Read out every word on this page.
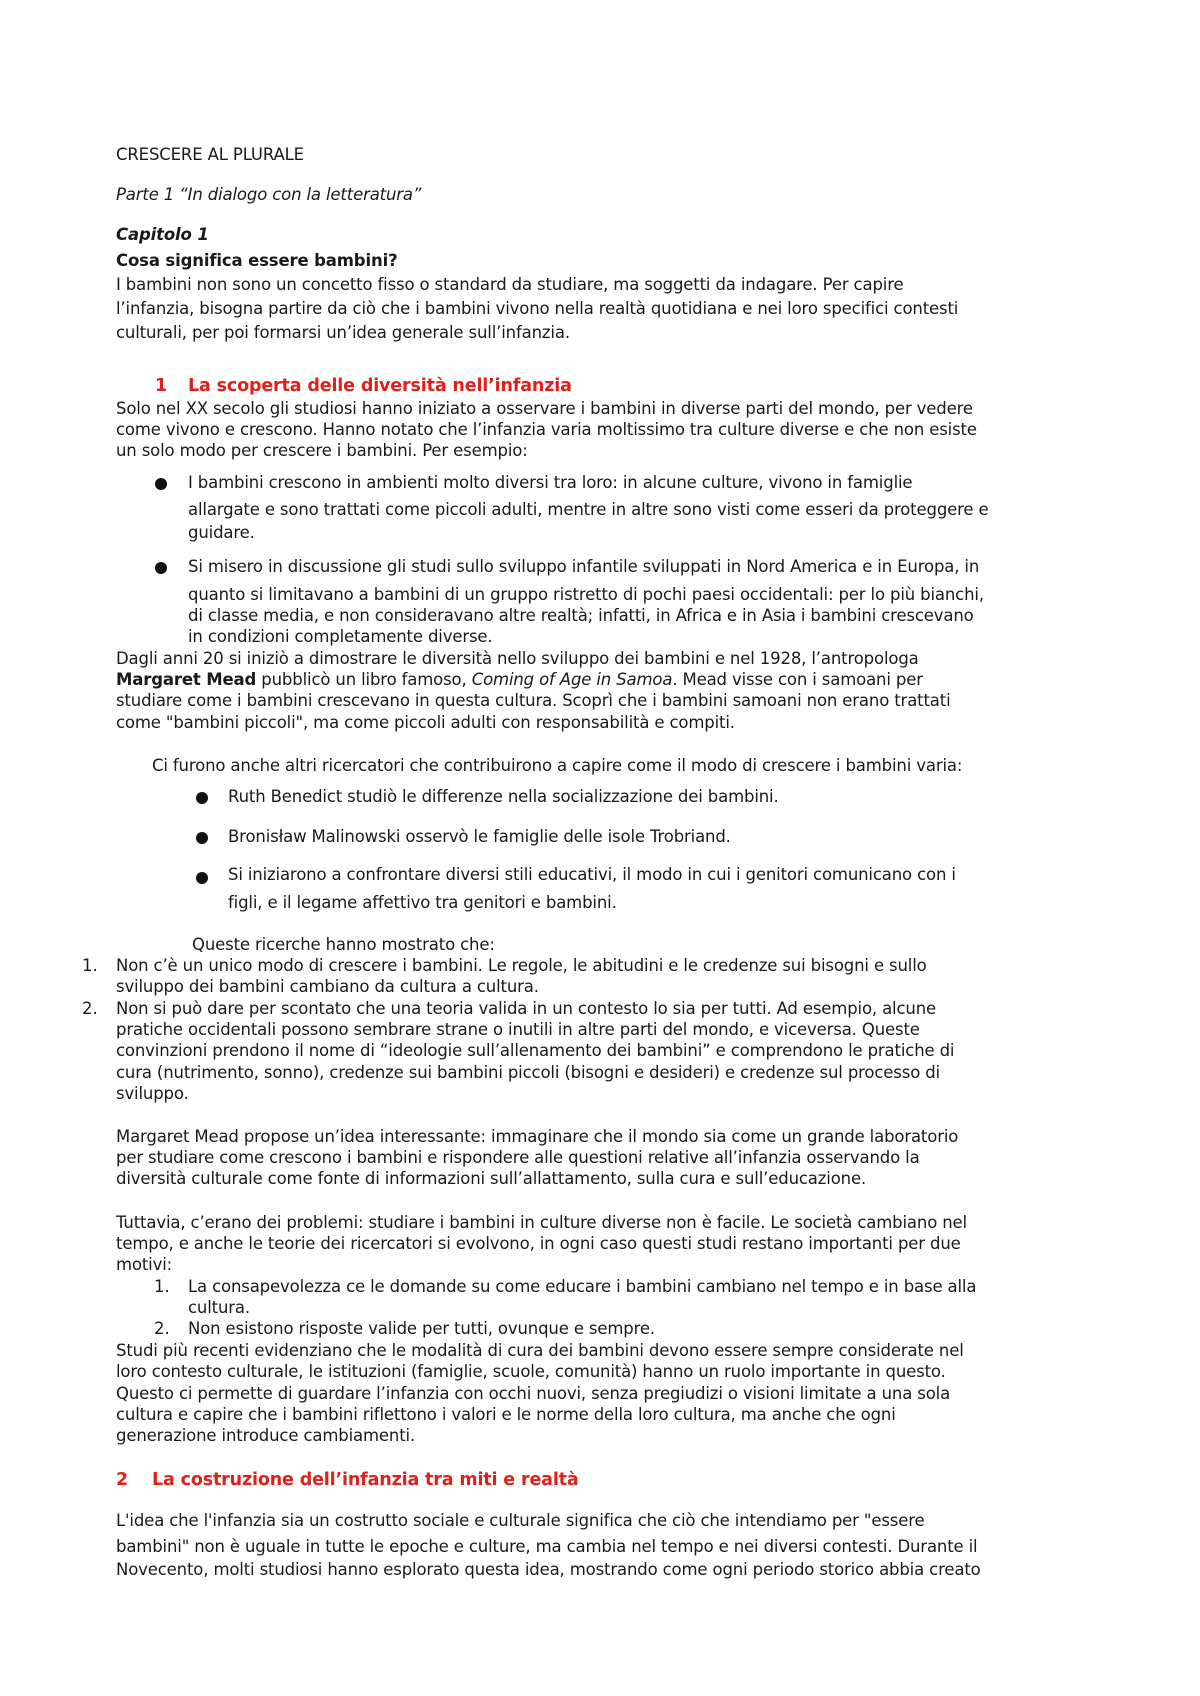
CRESCERE AL PLURALE
Parte 1 “In dialogo con la letteratura”
Capitolo 1
Cosa significa essere bambini?
I bambini non sono un concetto fisso o standard da studiare, ma soggetti da indagare. Per capire
l’infanzia, bisogna partire da ciò che i bambini vivono nella realtà quotidiana e nei loro specifici contesti
culturali, per poi formarsi un’idea generale sull’infanzia.
1 La scoperta delle diversità nell’infanzia
Solo nel XX secolo gli studiosi hanno iniziato a osservare i bambini in diverse parti del mondo, per vedere
come vivono e crescono. Hanno notato che l’infanzia varia moltissimo tra culture diverse e che non esiste
un solo modo per crescere i bambini. Per esempio:
I bambini crescono in ambienti molto diversi tra loro: in alcune culture, vivono in famiglie
allargate e sono trattati come piccoli adulti, mentre in altre sono visti come esseri da proteggere e
guidare.
Si misero in discussione gli studi sullo sviluppo infantile sviluppati in Nord America e in Europa, in
quanto si limitavano a bambini di un gruppo ristretto di pochi paesi occidentali: per lo più bianchi,
di classe media, e non consideravano altre realtà; infatti, in Africa e in Asia i bambini crescevano
in condizioni completamente diverse.
Dagli anni 20 si iniziò a dimostrare le diversità nello sviluppo dei bambini e nel 1928, l’antropologa
Margaret Mead pubblicò un libro famoso, Coming of Age in Samoa. Mead visse con i samoani per
studiare come i bambini crescevano in questa cultura. Scoprì che i bambini samoani non erano trattati
come "bambini piccoli", ma come piccoli adulti con responsabilità e compiti.
Ci furono anche altri ricercatori che contribuirono a capire come il modo di crescere i bambini varia:
Ruth Benedict studiò le differenze nella socializzazione dei bambini.
Bronisław Malinowski osservò le famiglie delle isole Trobriand.
Si iniziarono a confrontare diversi stili educativi, il modo in cui i genitori comunicano con i
figli, e il legame affettivo tra genitori e bambini.
Queste ricerche hanno mostrato che:
1. Non c’è un unico modo di crescere i bambini. Le regole, le abitudini e le credenze sui bisogni e sullo
sviluppo dei bambini cambiano da cultura a cultura.
2. Non si può dare per scontato che una teoria valida in un contesto lo sia per tutti. Ad esempio, alcune
pratiche occidentali possono sembrare strane o inutili in altre parti del mondo, e viceversa. Queste
convinzioni prendono il nome di “ideologie sull’allenamento dei bambini” e comprendono le pratiche di
cura (nutrimento, sonno), credenze sui bambini piccoli (bisogni e desideri) e credenze sul processo di
sviluppo.
Margaret Mead propose un’idea interessante: immaginare che il mondo sia come un grande laboratorio
per studiare come crescono i bambini e rispondere alle questioni relative all’infanzia osservando la
diversità culturale come fonte di informazioni sull’allattamento, sulla cura e sull’educazione.
Tuttavia, c’erano dei problemi: studiare i bambini in culture diverse non è facile. Le società cambiano nel
tempo, e anche le teorie dei ricercatori si evolvono, in ogni caso questi studi restano importanti per due
motivi:
1. La consapevolezza ce le domande su come educare i bambini cambiano nel tempo e in base alla
cultura.
2. Non esistono risposte valide per tutti, ovunque e sempre.
Studi più recenti evidenziano che le modalità di cura dei bambini devono essere sempre considerate nel
loro contesto culturale, le istituzioni (famiglie, scuole, comunità) hanno un ruolo importante in questo.
Questo ci permette di guardare l’infanzia con occhi nuovi, senza pregiudizi o visioni limitate a una sola
cultura e capire che i bambini riflettono i valori e le norme della loro cultura, ma anche che ogni
generazione introduce cambiamenti.
2 La costruzione dell’infanzia tra miti e realtà
L'idea che l'infanzia sia un costrutto sociale e culturale significa che ciò che intendiamo per "essere
bambini" non è uguale in tutte le epoche e culture, ma cambia nel tempo e nei diversi contesti. Durante il
Novecento, molti studiosi hanno esplorato questa idea, mostrando come ogni periodo storico abbia creato
